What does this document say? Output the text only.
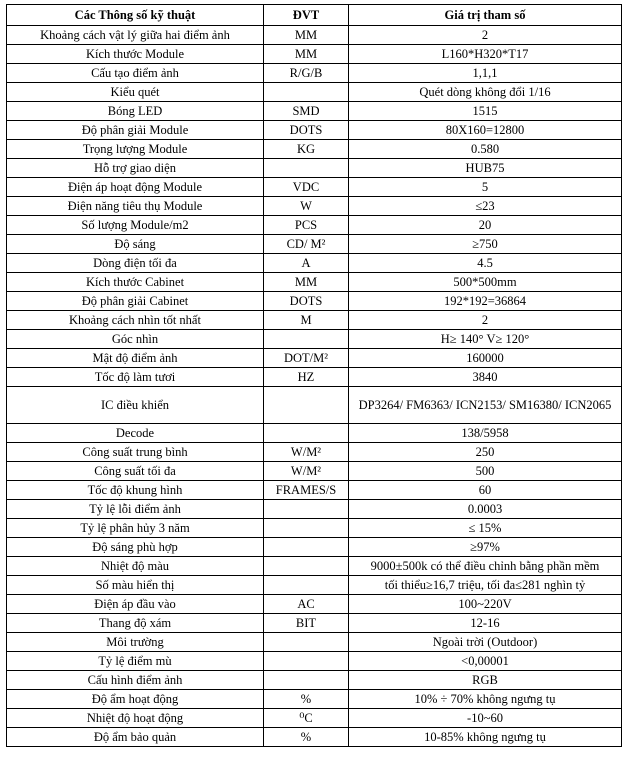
Các Thông số kỹ thuật	ĐVT	Giá trị tham số
Khoảng cách vật lý giữa hai điểm ảnh	MM	2
Kích thước Module	MM	L160*H320*T17
Cấu tạo điểm ảnh	R/G/B	1,1,1
Kiểu quét		Quét dòng không đổi 1/16
Bóng LED	SMD	1515
Độ phân giải Module	DOTS	80X160=12800
Trọng lượng Module	KG	0.580
Hỗ trợ giao diện		HUB75
Điện áp hoạt động Module	VDC	5
Điện năng tiêu thụ Module	W	≤23
Số lượng Module/m2	PCS	20
Độ sáng	CD/ M²	≥750
Dòng điện tối đa	A	4.5
Kích thước Cabinet	MM	500*500mm
Độ phân giải Cabinet	DOTS	192*192=36864
Khoảng cách nhìn tốt nhất	M	2
Góc nhìn		H≥ 140° V≥ 120°
Mật độ điểm ảnh	DOT/M²	160000
Tốc độ làm tươi	HZ	3840
IC điều khiển		DP3264/ FM6363/ ICN2153/ SM16380/ ICN2065
Decode		138/5958
Công suất trung bình	W/M²	250
Công suất tối đa	W/M²	500
Tốc độ khung hình	FRAMES/S	60
Tỷ lệ lỗi điểm ảnh		0.0003
Tỷ lệ phân hủy 3 năm		≤ 15%
Độ sáng phù hợp		≥97%
Nhiệt độ màu		9000±500k có thể điều chỉnh bằng phần mềm
Số màu hiển thị		tối thiểu≥16,7 triệu, tối đa≤281 nghìn tỷ
Điện áp đầu vào	AC	100~220V
Thang độ xám	BIT	12-16
Môi trường		Ngoài trời (Outdoor)
Tỷ lệ điểm mù		<0,00001
Cấu hình điểm ảnh		RGB
Độ ẩm hoạt động	%	10% ÷ 70% không ngưng tụ
Nhiệt độ hoạt động	⁰C	-10~60
Độ ẩm bảo quản	%	10-85% không ngưng tụ
